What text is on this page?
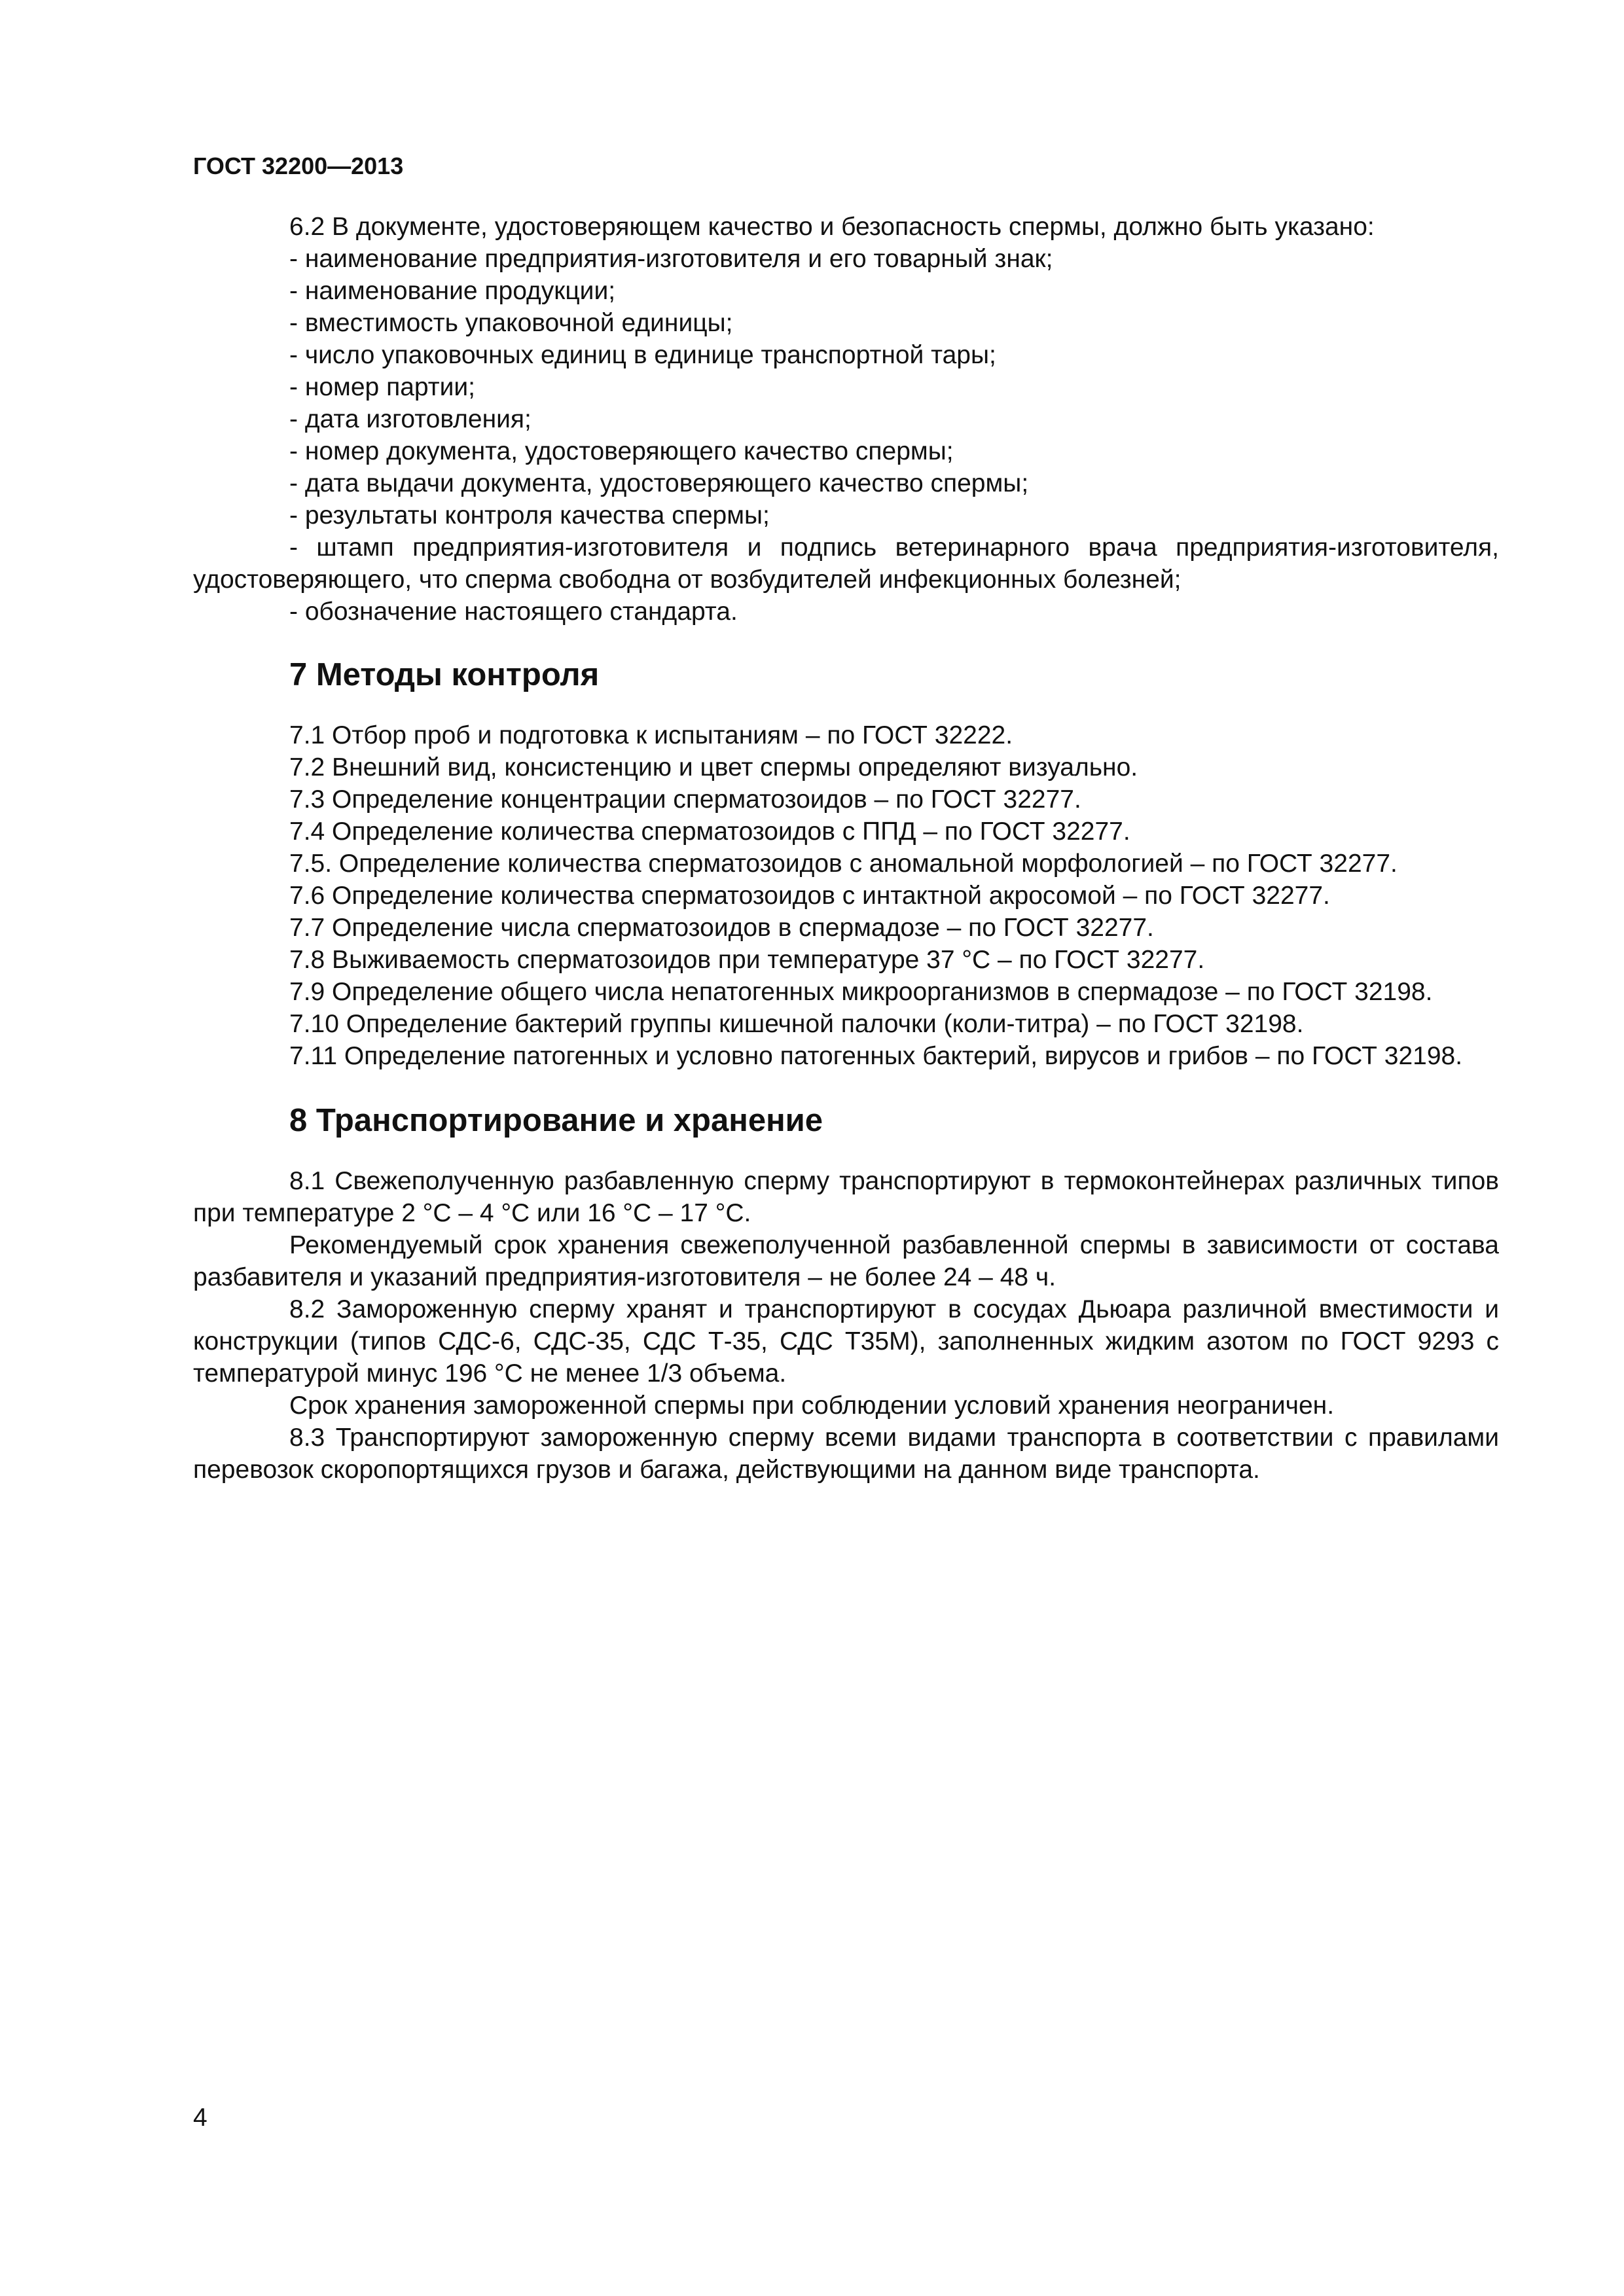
ГОСТ 32200—2013

6.2 В документе, удостоверяющем качество и безопасность спермы, должно быть указано:

- наименование предприятия-изготовителя и его товарный знак;

- наименование продукции;

- вместимость упаковочной единицы;

- число упаковочных единиц в единице транспортной тары;

- номер партии;

- дата изготовления;

- номер документа, удостоверяющего качество спермы;

- дата выдачи документа, удостоверяющего качество спермы;

- результаты контроля качества спермы;

- штамп предприятия-изготовителя и подпись ветеринарного врача предприятия-изготовителя, удостоверяющего, что сперма свободна от возбудителей инфекционных болезней;

- обозначение настоящего стандарта.

7 Методы контроля

7.1 Отбор проб и подготовка к испытаниям – по ГОСТ 32222.

7.2 Внешний вид, консистенцию и цвет спермы определяют визуально.

7.3 Определение концентрации сперматозоидов – по ГОСТ 32277.

7.4 Определение количества сперматозоидов с ППД – по ГОСТ 32277.

7.5. Определение количества сперматозоидов с аномальной морфологией – по ГОСТ 32277.

7.6 Определение количества сперматозоидов с интактной акросомой – по ГОСТ 32277.

7.7 Определение числа сперматозоидов в спермадозе – по ГОСТ 32277.

7.8 Выживаемость сперматозоидов при температуре 37 °С – по ГОСТ 32277.

7.9 Определение общего числа непатогенных микроорганизмов в спермадозе – по ГОСТ 32198.

7.10 Определение бактерий группы кишечной палочки (коли-титра) – по ГОСТ 32198.

7.11 Определение патогенных и условно патогенных бактерий, вирусов и грибов – по ГОСТ 32198.

8 Транспортирование и хранение

8.1 Свежеполученную разбавленную сперму транспортируют в термоконтейнерах различных типов при температуре 2 °С – 4 °С или 16 °С – 17 °С.

Рекомендуемый срок хранения свежеполученной разбавленной спермы в зависимости от состава разбавителя и указаний предприятия-изготовителя – не более 24 – 48 ч.

8.2 Замороженную сперму хранят и транспортируют в сосудах Дьюара различной вместимости и конструкции (типов СДС-6, СДС-35, СДС Т-35, СДС Т35М), заполненных жидким азотом по ГОСТ 9293 с температурой минус 196 °С не менее 1/3 объема.

Срок хранения замороженной спермы при соблюдении условий хранения неограничен.

8.3 Транспортируют замороженную сперму всеми видами транспорта в соответствии с правилами перевозок скоропортящихся грузов и багажа, действующими на данном виде транспорта.

4
